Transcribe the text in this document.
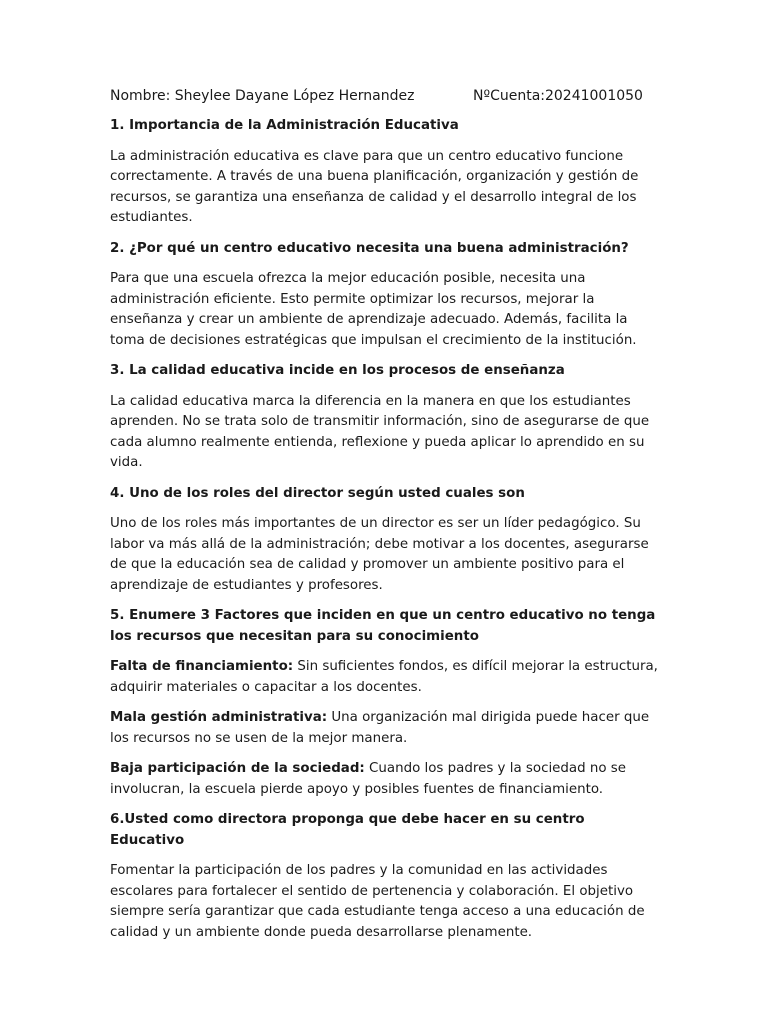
Nombre: Sheylee Dayane López Hernandez	NºCuenta:20241001050
1. Importancia de la Administración Educativa
La administración educativa es clave para que un centro educativo funcione correctamente. A través de una buena planificación, organización y gestión de recursos, se garantiza una enseñanza de calidad y el desarrollo integral de los estudiantes.
2. ¿Por qué un centro educativo necesita una buena administración?
Para que una escuela ofrezca la mejor educación posible, necesita una administración eficiente. Esto permite optimizar los recursos, mejorar la enseñanza y crear un ambiente de aprendizaje adecuado. Además, facilita la toma de decisiones estratégicas que impulsan el crecimiento de la institución.
3. La calidad educativa incide en los procesos de enseñanza
La calidad educativa marca la diferencia en la manera en que los estudiantes aprenden. No se trata solo de transmitir información, sino de asegurarse de que cada alumno realmente entienda, reflexione y pueda aplicar lo aprendido en su vida.
4. Uno de los roles del director según usted cuales son
Uno de los roles más importantes de un director es ser un líder pedagógico. Su labor va más allá de la administración; debe motivar a los docentes, asegurarse de que la educación sea de calidad y promover un ambiente positivo para el aprendizaje de estudiantes y profesores.
5. Enumere 3 Factores que inciden en que un centro educativo no tenga los recursos que necesitan para su conocimiento
Falta de financiamiento: Sin suficientes fondos, es difícil mejorar la estructura, adquirir materiales o capacitar a los docentes.
Mala gestión administrativa: Una organización mal dirigida puede hacer que los recursos no se usen de la mejor manera.
Baja participación de la sociedad: Cuando los padres y la sociedad no se involucran, la escuela pierde apoyo y posibles fuentes de financiamiento.
6.Usted como directora proponga que debe hacer en su centro Educativo
Fomentar la participación de los padres y la comunidad en las actividades escolares para fortalecer el sentido de pertenencia y colaboración. El objetivo siempre sería garantizar que cada estudiante tenga acceso a una educación de calidad y un ambiente donde pueda desarrollarse plenamente.
